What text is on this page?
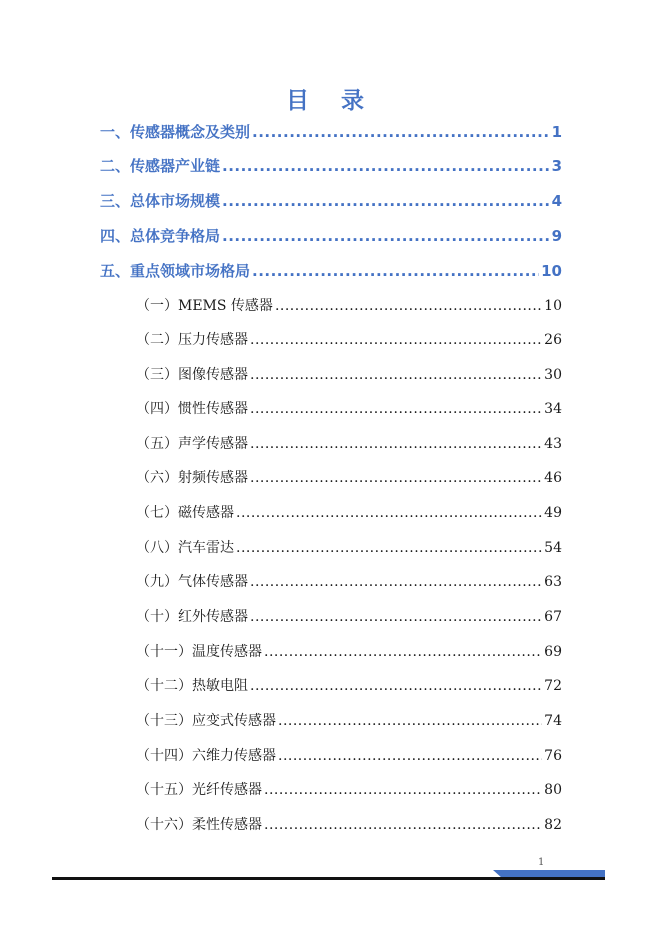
目 录
一、传感器概念及类别 .....	1
二、传感器产业链 .....	3
三、总体市场规模 .....	4
四、总体竞争格局 .....	9
五、重点领域市场格局 .....	10
（一）MEMS 传感器 .....	10
（二）压力传感器 .....	26
（三）图像传感器 .....	30
（四）惯性传感器 .....	34
（五）声学传感器 .....	43
（六）射频传感器 .....	46
（七）磁传感器 .....	49
（八）汽车雷达 .....	54
（九）气体传感器 .....	63
（十）红外传感器 .....	67
（十一）温度传感器 .....	69
（十二）热敏电阻 .....	72
（十三）应变式传感器 .....	74
（十四）六维力传感器 .....	76
（十五）光纤传感器 .....	80
（十六）柔性传感器 .....	82
1
